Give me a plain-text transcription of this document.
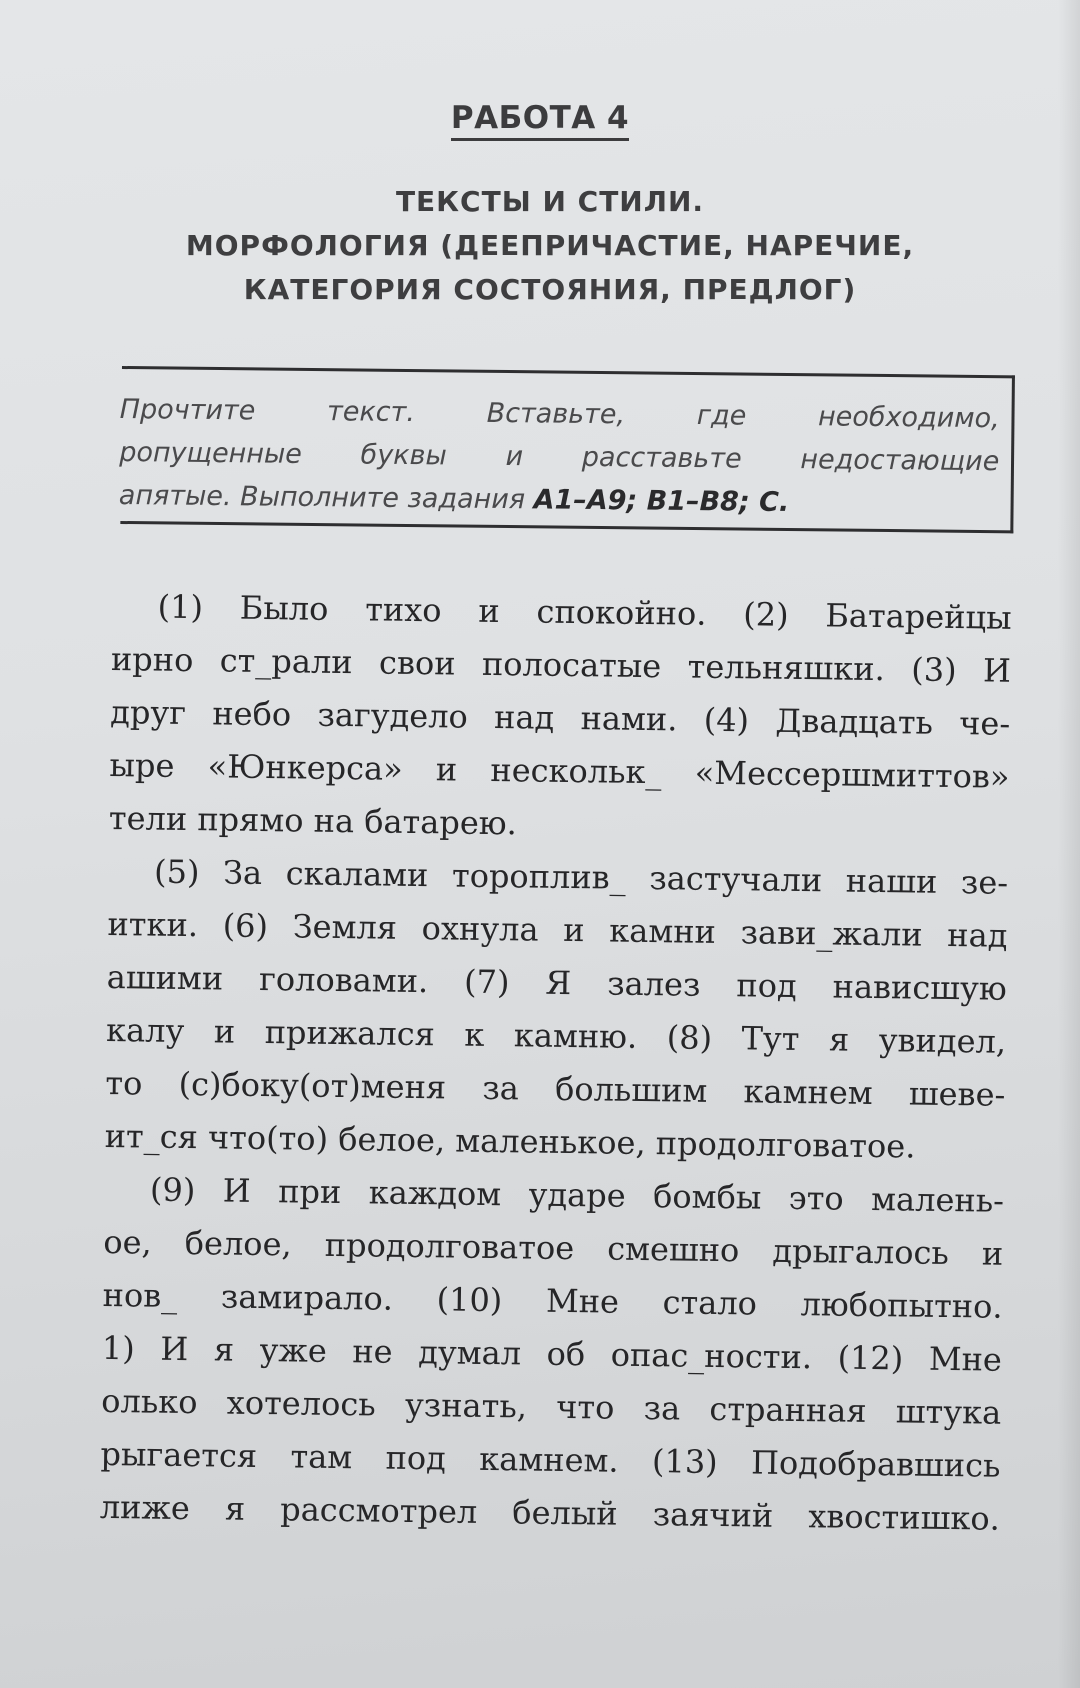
РАБОТА 4
ТЕКСТЫ И СТИЛИ.
МОРФОЛОГИЯ (ДЕЕПРИЧАСТИЕ, НАРЕЧИЕ,
КАТЕГОРИЯ СОСТОЯНИЯ, ПРЕДЛОГ)
Прочтите текст. Вставьте, где необходимо,
ропущенные буквы и расставьте недостающие
апятые. Выполните задания А1–А9; В1–В8; С.
(1) Было тихо и спокойно. (2) Батарейцы
ирно ст_рали свои полосатые тельняшки. (3) И
друг небо загудело над нами. (4) Двадцать че-
ыре «Юнкерса» и нескольк_ «Мессершмиттов»
тели прямо на батарею.
(5) За скалами тороплив_ застучали наши зе-
итки. (6) Земля охнула и камни зави_жали над
ашими головами. (7) Я залез под нависшую
калу и прижался к камню. (8) Тут я увидел,
то (с)боку(от)меня за большим камнем шеве-
ит_ся что(то) белое, маленькое, продолговатое.
(9) И при каждом ударе бомбы это малень-
ое, белое, продолговатое смешно дрыгалось и
нов_ замирало. (10) Мне стало любопытно.
1) И я уже не думал об опас_ности. (12) Мне
олько хотелось узнать, что за странная штука
рыгается там под камнем. (13) Подобравшись
лиже я рассмотрел белый заячий хвостишко.
